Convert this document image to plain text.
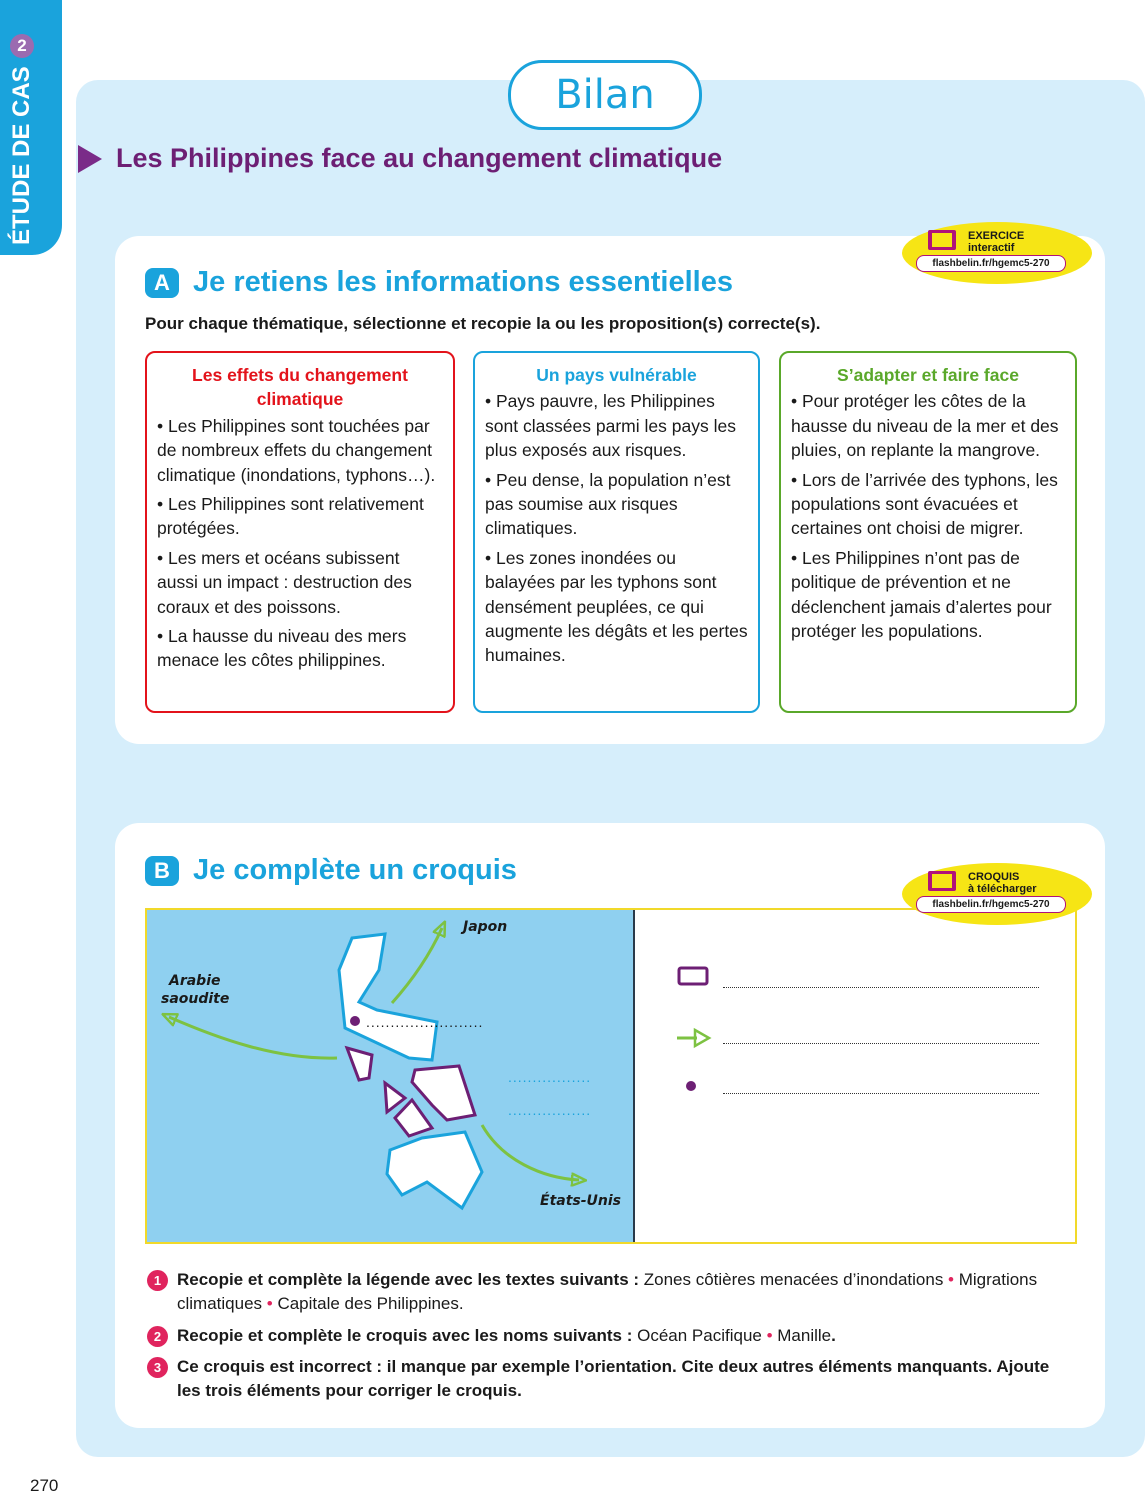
ÉTUDE DE CAS
2
270
Bilan
Les Philippines face au changement climatique
A Je retiens les informations essentielles
Pour chaque thématique, sélectionne et recopie la ou les proposition(s) correcte(s).
Les effets du changement climatique

• Les Philippines sont touchées par de nombreux effets du changement climatique (inondations, typhons…).

• Les Philippines sont relativement protégées.

• Les mers et océans subissent aussi un impact : destruction des coraux et des poissons.

• La hausse du niveau des mers menace les côtes philippines.

Un pays vulnérable

• Pays pauvre, les Philippines sont classées parmi les pays les plus exposés aux risques.

• Peu dense, la population n’est pas soumise aux risques climatiques.

• Les zones inondées ou balayées par les typhons sont densément peuplées, ce qui augmente les dégâts et les pertes humaines.

S’adapter et faire face

• Pour protéger les côtes de la hausse du niveau de la mer et des pluies, on replante la mangrove.

• Lors de l’arrivée des typhons, les populations sont évacuées et certaines ont choisi de migrer.

• Les Philippines n’ont pas de politique de prévention et ne déclenchent jamais d’alertes pour protéger les populations.

EXERCICE
interactif
flashbelin.fr/hgemc5-270
B Je complète un croquis
Japon
Arabie
saoudite
États-Unis
........................
.................
.................
1 Recopie et complète la légende avec les textes suivants : Zones côtières menacées d’inondations • Migrations climatiques • Capitale des Philippines.
2 Recopie et complète le croquis avec les noms suivants : Océan Pacifique • Manille.
3 Ce croquis est incorrect : il manque par exemple l’orientation. Cite deux autres éléments manquants. Ajoute les trois éléments pour corriger le croquis.
CROQUIS
à télécharger
flashbelin.fr/hgemc5-270
